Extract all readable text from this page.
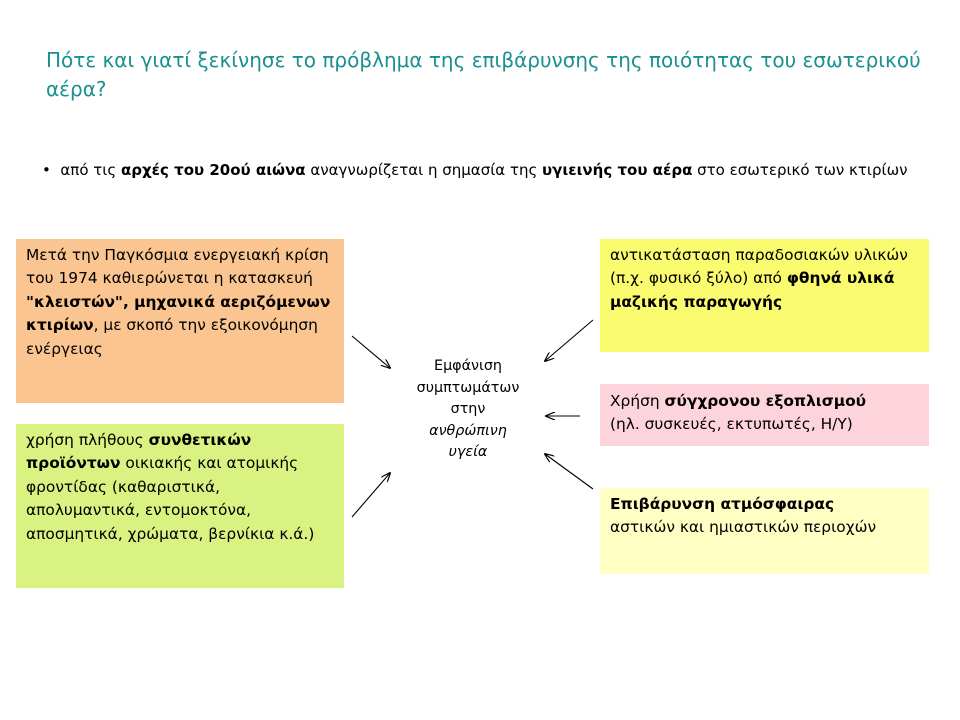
Πότε και γιατί ξεκίνησε το πρόβλημα της επιβάρυνσης της ποιότητας του εσωτερικού αέρα?
• από τις αρχές του 20ού αιώνα αναγνωρίζεται η σημασία της υγιεινής του αέρα στο εσωτερικό των κτιρίων
Μετά την Παγκόσμια ενεργειακή κρίση του 1974 καθιερώνεται η κατασκευή "κλειστών", μηχανικά αεριζόμενων κτιρίων, με σκοπό την εξοικονόμηση ενέργειας
χρήση πλήθους συνθετικών προϊόντων οικιακής και ατομικής φροντίδας (καθαριστικά, απολυμαντικά, εντομοκτόνα, αποσμητικά, χρώματα, βερνίκια κ.ά.)
αντικατάσταση παραδοσιακών υλικών
(π.χ. φυσικό ξύλο) από φθηνά υλικά μαζικής παραγωγής
Χρήση σύγχρονου εξοπλισμού
(ηλ. συσκευές, εκτυπωτές, Η/Υ)
Επιβάρυνση ατμόσφαιρας
αστικών και ημιαστικών περιοχών
Εμφάνιση
συμπτωμάτων
στην
ανθρώπινη
υγεία
